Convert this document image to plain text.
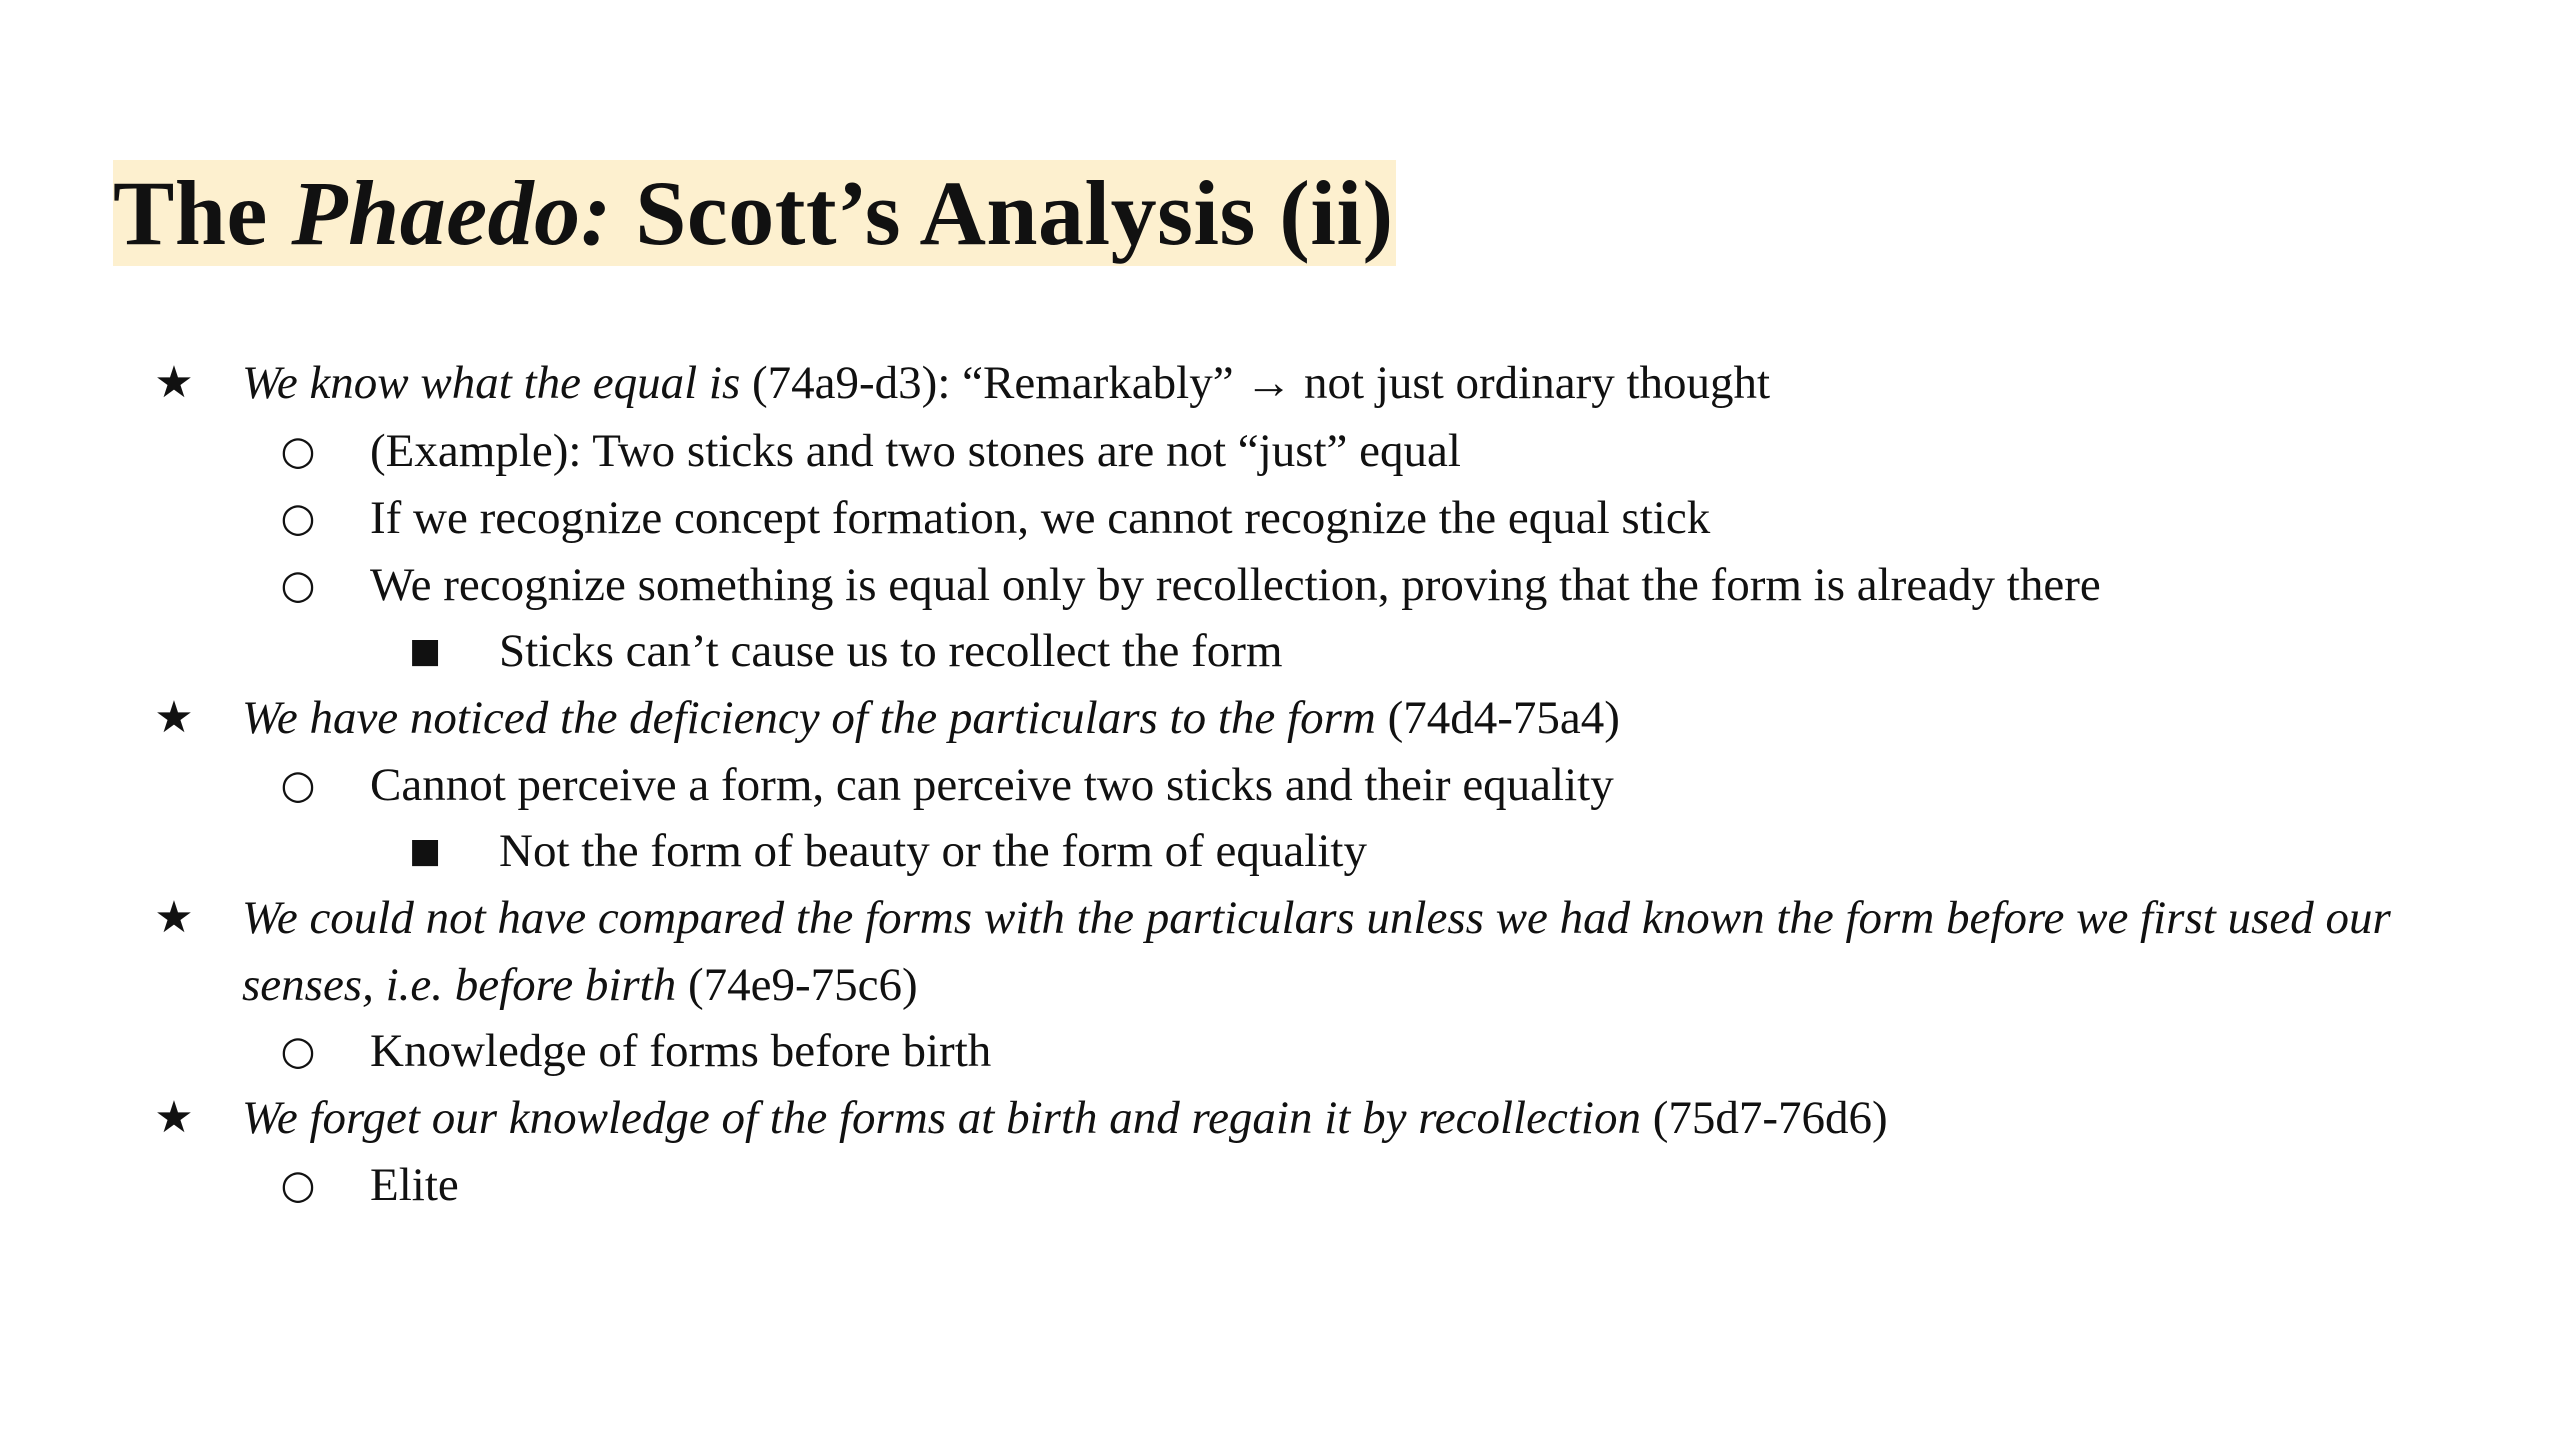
The Phaedo: Scott’s Analysis (ii)
★ We know what the equal is (74a9-d3): “Remarkably” → not just ordinary thought
○ (Example): Two sticks and two stones are not “just” equal
○ If we recognize concept formation, we cannot recognize the equal stick
○ We recognize something is equal only by recollection, proving that the form is already there
■ Sticks can’t cause us to recollect the form
★ We have noticed the deficiency of the particulars to the form (74d4-75a4)
○ Cannot perceive a form, can perceive two sticks and their equality
■ Not the form of beauty or the form of equality
★ We could not have compared the forms with the particulars unless we had known the form before we first used our
senses, i.e. before birth (74e9-75c6)
○ Knowledge of forms before birth
★ We forget our knowledge of the forms at birth and regain it by recollection (75d7-76d6)
○ Elite
